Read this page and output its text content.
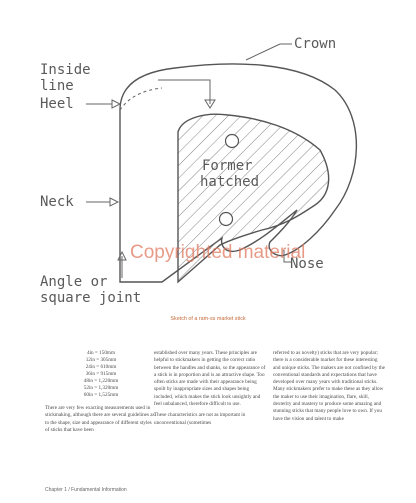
Crown
Inside
line
Heel
Former
hatched
Neck
Angle or
square joint
Nose
Copyrighted material
Sketch of a ram-ss market stick
4in = 150mm
12in = 305mm
24in = 610mm
36in = 915mm
48in = 1,220mm
52in = 1,320mm
60in = 1,525mm

There are very few exacting measurements used in stickmaking, although there are several guidelines as to the shape, size and appearance of different styles of sticks that have been

established over many years. These principles are helpful to stickmakers in getting the correct ratio between the handles and shanks, so the appearance of a stick is in proportion and is an attractive shape. Too often sticks are made with their appearance being spoilt by inappropriate sizes and shapes being included, which makes the stick look unsightly and feel unbalanced, therefore difficult to use.

These characteristics are not as important in unconventional (sometimes

referred to as novelty) sticks that are very popular; there is a considerable market for these interesting and unique sticks. The makers are not confined by the conventional standards and expectations that have developed over many years with traditional sticks. Many stickmakers prefer to make these as they allow the maker to use their imagination, flare, skill, dexterity and mastery to produce some amazing and stunning sticks that many people love to own. If you have the vision and talent to make

Chapter 1 / Fundamental Information
